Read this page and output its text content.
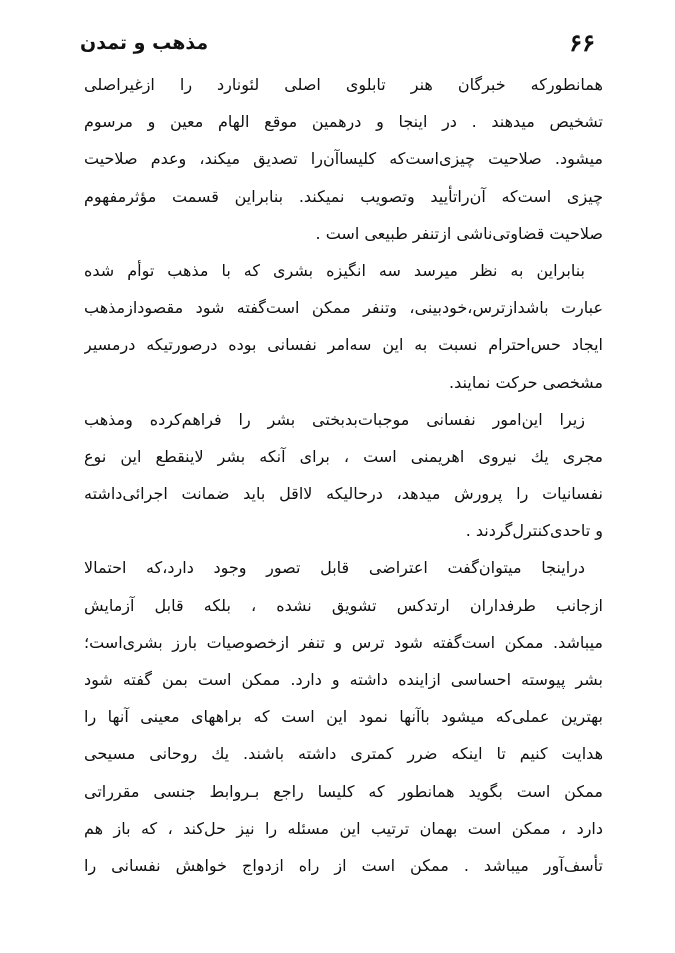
۶۶
مذهب و تمدن
همانطورکه خبرگان هنر تابلوی اصلی لئونارد را ازغیراصلی
تشخیص میدهند . در اینجا و درهمین موقع الهام معین و مرسوم
میشود. صلاحیت چیزی‌است‌که کلیساآن‌را تصدیق میکند، وعدم صلاحیت
چیزی است‌که آن‌راتأیید وتصویب نمیکند. بنابراین قسمت مؤثرمفهوم
صلاحیت قضاوتی‌ناشی ازتنفر طبیعی است .
بنابراین به نظر میرسد سه انگیزه بشری که با مذهب توأم شده
عبارت باشدازترس،خودبینی، وتنفر ممکن است‌گفته شود مقصودازمذهب
ایجاد حس‌احترام نسبت به این سه‌امر نفسانی بوده درصورتیکه درمسیر
مشخصی حرکت نمایند.
زیرا این‌امور نفسانی موجبات‌بدبختی بشر را فراهم‌کرده ومذهب
مجری یك نیروی اهریمنی است ، برای آنکه بشر لاینقطع این نوع
نفسانیات را پرورش میدهد، درحالیکه لااقل باید ضمانت اجرائی‌داشته
و تاحدی‌کنترل‌گردند .
دراینجا میتوان‌گفت اعتراضی قابل تصور وجود دارد،که احتمالا
ازجانب طرفداران ارتدکس تشویق نشده ، بلکه قابل آزمایش
میباشد. ممکن است‌گفته شود ترس و تنفر ازخصوصیات بارز بشری‌است؛
بشر پیوسته احساسی ازاینده داشته و دارد. ممکن است بمن گفته شود
بهترین عملی‌که میشود باآنها نمود این است که براههای معینی آنها را
هدایت کنیم تا اینکه ضرر کمتری داشته باشند. یك روحانی مسیحی
ممکن است بگوید همانطور که کلیسا راجع بـروابط جنسی مقرراتی
دارد ، ممکن است بهمان ترتیب این مسئله را نیز حل‌کند ، که باز هم
تأسف‌آور میباشد . ممکن است از راه ازدواج خواهش نفسانی را
